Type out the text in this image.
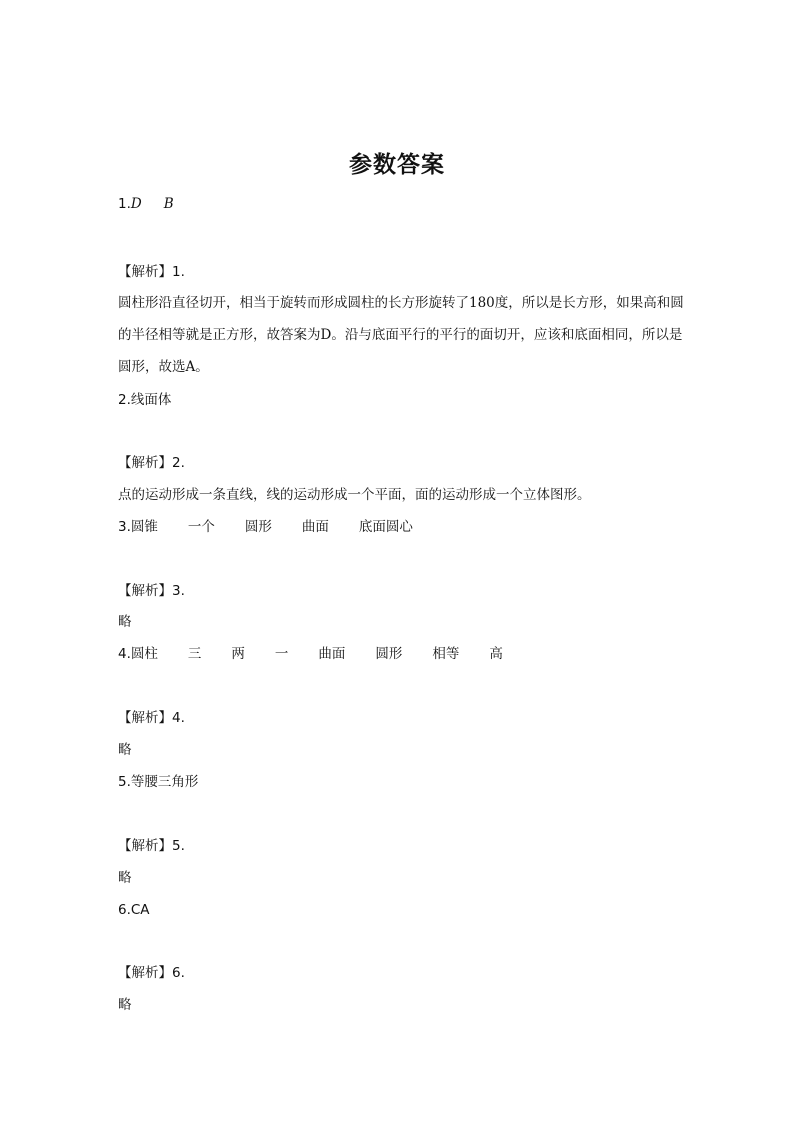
参数答案
1.D B
【解析】1.
圆柱形沿直径切开，相当于旋转而形成圆柱的长方形旋转了180度，所以是长方形，如果高和圆的半径相等就是正方形，故答案为D。沿与底面平行的平行的面切开，应该和底面相同，所以是圆形，故选A。
2.线面体
【解析】2.
点的运动形成一条直线，线的运动形成一个平面，面的运动形成一个立体图形。
3.圆锥 一个 圆形 曲面 底面圆心
【解析】3.
略
4.圆柱 三 两 一 曲面 圆形 相等 高
【解析】4.
略
5.等腰三角形
【解析】5.
略
6.CA
【解析】6.
略
